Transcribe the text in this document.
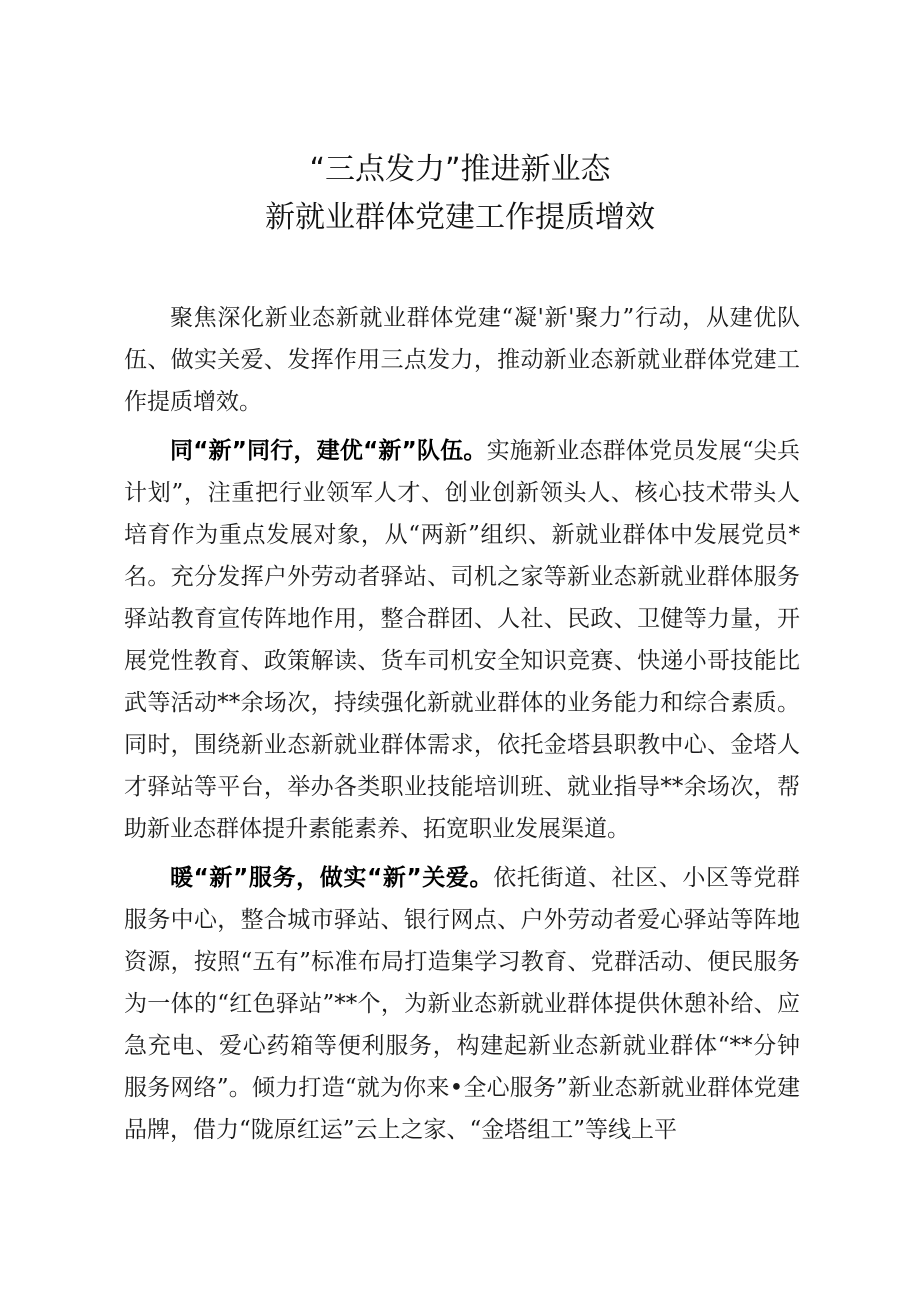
“三点发力”推进新业态
新就业群体党建工作提质增效

聚焦深化新业态新就业群体党建“凝'新'聚力”行动，从建优队伍、做实关爱、发挥作用三点发力，推动新业态新就业群体党建工作提质增效。

同“新”同行，建优“新”队伍。实施新业态群体党员发展“尖兵计划”，注重把行业领军人才、创业创新领头人、核心技术带头人培育作为重点发展对象，从“两新”组织、新就业群体中发展党员*名。充分发挥户外劳动者驿站、司机之家等新业态新就业群体服务驿站教育宣传阵地作用，整合群团、人社、民政、卫健等力量，开展党性教育、政策解读、货车司机安全知识竞赛、快递小哥技能比武等活动**余场次，持续强化新就业群体的业务能力和综合素质。同时，围绕新业态新就业群体需求，依托金塔县职教中心、金塔人才驿站等平台，举办各类职业技能培训班、就业指导**余场次，帮助新业态群体提升素能素养、拓宽职业发展渠道。

暖“新”服务，做实“新”关爱。依托街道、社区、小区等党群服务中心，整合城市驿站、银行网点、户外劳动者爱心驿站等阵地资源，按照“五有”标准布局打造集学习教育、党群活动、便民服务为一体的“红色驿站”**个，为新业态新就业群体提供休憩补给、应急充电、爱心药箱等便利服务，构建起新业态新就业群体“**分钟服务网络”。倾力打造“就为你来•全心服务”新业态新就业群体党建品牌，借力“陇原红运”云上之家、“金塔组工”等线上平
